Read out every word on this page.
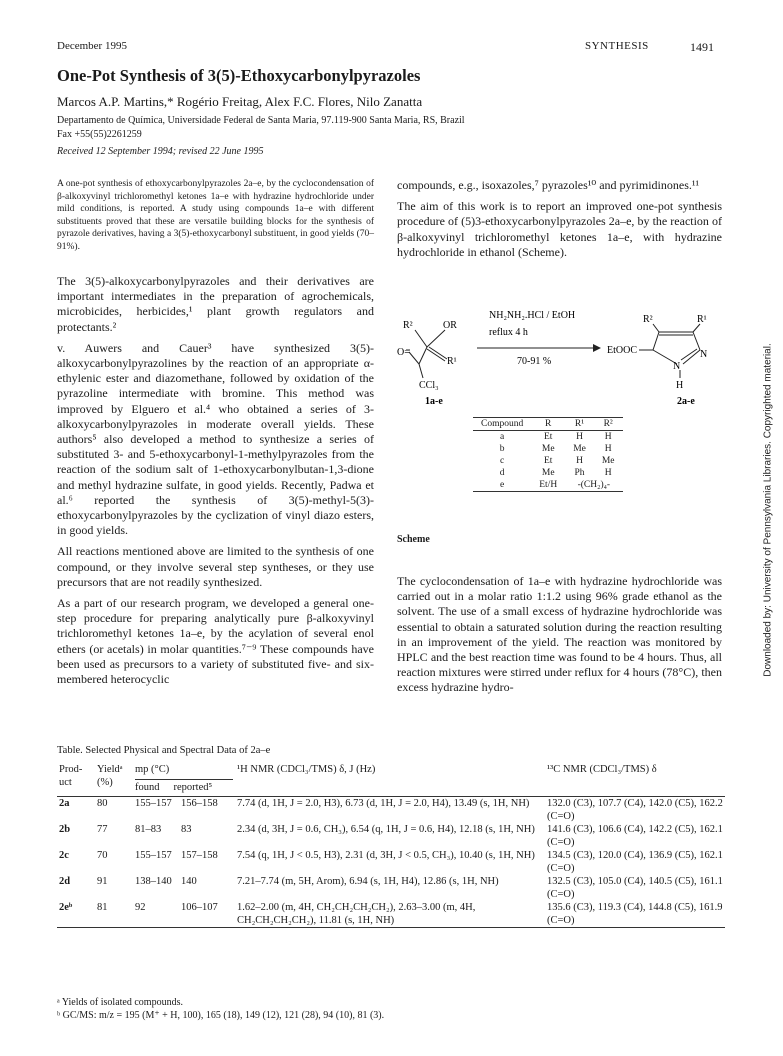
December 1995	SYNTHESIS	1491
One-Pot Synthesis of 3(5)-Ethoxycarbonylpyrazoles
Marcos A.P. Martins,* Rogério Freitag, Alex F.C. Flores, Nilo Zanatta
Departamento de Química, Universidade Federal de Santa Maria, 97.119-900 Santa Maria, RS, Brazil
Fax +55(55)2261259
Received 12 September 1994; revised 22 June 1995
A one-pot synthesis of ethoxycarbonylpyrazoles 2a–e, by the cyclocondensation of β-alkoxyvinyl trichloromethyl ketones 1a–e with hydrazine hydrochloride under mild conditions, is reported. A study using compounds 1a–e with different substituents proved that these are versatile building blocks for the synthesis of pyrazole derivatives, having a 3(5)-ethoxycarbonyl substituent, in good yields (70–91%).

The 3(5)-alkoxycarbonylpyrazoles and their derivatives are important intermediates in the preparation of agrochemicals, microbicides, herbicides,¹ plant growth regulators and protectants.²

v. Auwers and Cauer³ have synthesized 3(5)-alkoxycarbonylpyrazolines by the reaction of an appropriate α-ethylenic ester and diazomethane, followed by oxidation of the pyrazoline intermediate with bromine. This method was improved by Elguero et al.⁴ who obtained a series of 3-alkoxycarbonylpyrazoles in moderate overall yields. These authors⁵ also developed a method to synthesize a series of substituted 3- and 5-ethoxycarbonyl-1-methylpyrazoles from the reaction of the sodium salt of 1-ethoxycarbonylbutan-1,3-dione and methyl hydrazine sulfate, in good yields. Recently, Padwa et al.⁶ reported the synthesis of 3(5)-methyl-5(3)-ethoxycarbonylpyrazoles by the cyclization of vinyl diazo esters, in good yields.

All reactions mentioned above are limited to the synthesis of one compound, or they involve several step syntheses, or they use precursors that are not readily synthesized.

As a part of our research program, we developed a general one-step procedure for preparing analytically pure β-alkoxyvinyl trichloromethyl ketones 1a–e, by the acylation of several enol ethers (or acetals) in molar quantities.⁷⁻⁹ These compounds have been used as precursors to a variety of substituted five- and six-membered heterocyclic

compounds, e.g., isoxazoles,⁷ pyrazoles¹⁰ and pyrimidinones.¹¹

The aim of this work is to report an improved one-pot synthesis procedure of (5)3-ethoxycarbonylpyrazoles 2a–e, by the reaction of β-alkoxyvinyl trichloromethyl ketones 1a–e, with hydrazine hydrochloride in ethanol (Scheme).

R²	OR
R¹
O=
CCl₃
NH₂NH₂.HCl / EtOH
reflux 4 h
70-91 %
R²	R¹
EtOOC
N
N
H
1a-e	2a-e
Compound	R	R¹	R²
a	Et	H	H
b	Me	Me	H
c	Et	H	Me
d	Me	Ph	H
e	Et/H	-(CH₂)₄-	
Scheme

The cyclocondensation of 1a–e with hydrazine hydrochloride was carried out in a molar ratio 1:1.2 using 96% grade ethanol as the solvent. The use of a small excess of hydrazine hydrochloride was essential to obtain a saturated solution during the reaction resulting in an improvement of the yield. The reaction was monitored by HPLC and the best reaction time was found to be 4 hours. Thus, all reaction mixtures were stirred under reflux for 4 hours (78°C), then excess hydrazine hydro-

Downloaded by: University of Pennsylvania Libraries. Copyrighted material.
Table. Selected Physical and Spectral Data of 2a–e
Prod-uct	Yieldᵃ (%)	mp (°C)
found reported⁵		¹H NMR (CDCl₃/TMS) δ, J (Hz)	¹³C NMR (CDCl₃/TMS) δ
2a	80	155–157	156–158	7.74 (d, 1H, J = 2.0, H3), 6.73 (d, 1H, J = 2.0, H4), 13.49 (s, 1H, NH)	132.0 (C3), 107.7 (C4), 142.0 (C5), 162.2 (C=O)
2b	77	81–83	83	2.34 (d, 3H, J = 0.6, CH₃), 6.54 (q, 1H, J = 0.6, H4), 12.18 (s, 1H, NH)	141.6 (C3), 106.6 (C4), 142.2 (C5), 162.1 (C=O)
2c	70	155–157	157–158	7.54 (q, 1H, J < 0.5, H3), 2.31 (d, 3H, J < 0.5, CH₃), 10.40 (s, 1H, NH)	134.5 (C3), 120.0 (C4), 136.9 (C5), 162.1 (C=O)
2d	91	138–140	140	7.21–7.74 (m, 5H, Arom), 6.94 (s, 1H, H4), 12.86 (s, 1H, NH)	132.5 (C3), 105.0 (C4), 140.5 (C5), 161.1 (C=O)
2eᵇ	81	92	106–107	1.62–2.00 (m, 4H, CH₂CH₂CH₂CH₂), 2.63–3.00 (m, 4H, CH₂CH₂CH₂CH₂), 11.81 (s, 1H, NH)	135.6 (C3), 119.3 (C4), 144.8 (C5), 161.9 (C=O)
ᵃ Yields of isolated compounds.
ᵇ GC/MS: m/z = 195 (M⁺ + H, 100), 165 (18), 149 (12), 121 (28), 94 (10), 81 (3).
